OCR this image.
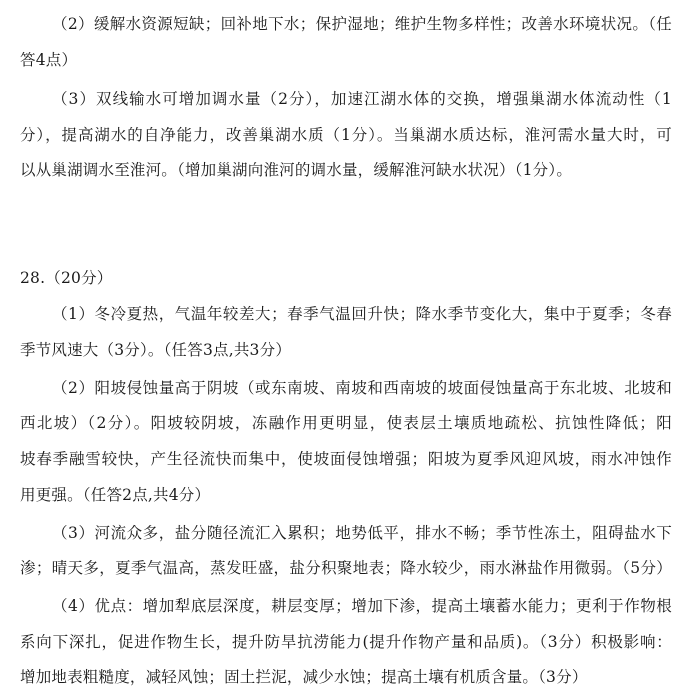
（2）缓解水资源短缺；回补地下水；保护湿地；维护生物多样性；改善水环境状况。（任
答4点）
（3）双线输水可增加调水量（2分），加速江湖水体的交换，增强巢湖水体流动性（1
分），提高湖水的自净能力，改善巢湖水质（1分）。当巢湖水质达标，淮河需水量大时，可
以从巢湖调水至淮河。（增加巢湖向淮河的调水量，缓解淮河缺水状况）（1分）。
28.（20分）
（1）冬冷夏热，气温年较差大；春季气温回升快；降水季节变化大，集中于夏季；冬春
季节风速大（3分）。（任答3点,共3分）
（2）阳坡侵蚀量高于阴坡（或东南坡、南坡和西南坡的坡面侵蚀量高于东北坡、北坡和
西北坡）（2分）。阳坡较阴坡，冻融作用更明显，使表层土壤质地疏松、抗蚀性降低；阳
坡春季融雪较快，产生径流快而集中，使坡面侵蚀增强；阳坡为夏季风迎风坡，雨水冲蚀作
用更强。（任答2点,共4分）
（3）河流众多，盐分随径流汇入累积；地势低平，排水不畅；季节性冻土，阻碍盐水下
渗；晴天多，夏季气温高，蒸发旺盛，盐分积聚地表；降水较少，雨水淋盐作用微弱。（5分）
（4）优点：增加犁底层深度，耕层变厚；增加下渗，提高土壤蓄水能力；更利于作物根
系向下深扎，促进作物生长，提升防旱抗涝能力(提升作物产量和品质)。（3分）积极影响：
增加地表粗糙度，减轻风蚀；固土拦泥，减少水蚀；提高土壤有机质含量。（3分）
